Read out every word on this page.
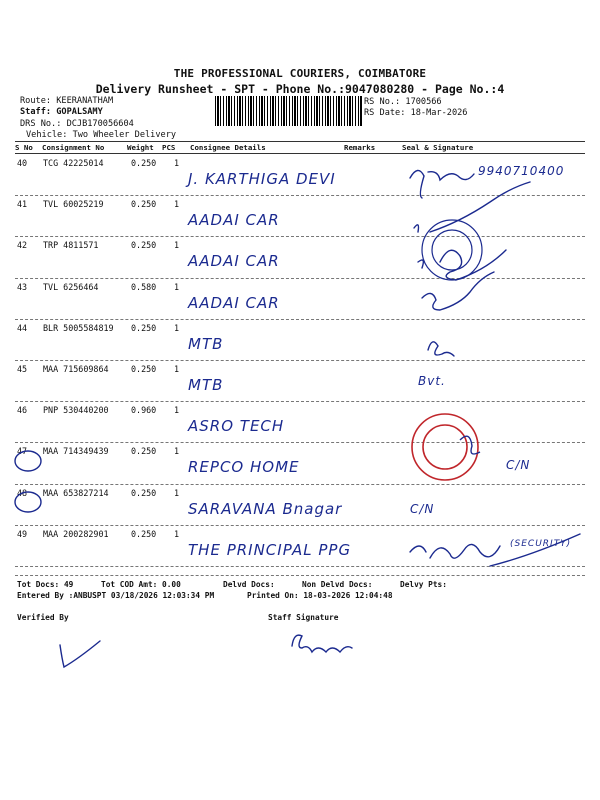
THE PROFESSIONAL COURIERS, COIMBATORE
Delivery Runsheet - SPT - Phone No.:9047080280 - Page No.:4
Route: KEERANATHAM
Staff: GOPALSAMY
DRS No.: DCJB170056604
Vehicle: Two Wheeler Delivery
RS No.: 1700566
RS Date: 18-Mar-2026
S No Consignment No	Weight PCS Consignee Details	Remarks	Seal & Signature
40 TCG 42225014	0.250 1
J. KARTHIGA DEVI	9940710400
41 TVL 60025219	0.250 1
AADAI CAR
42 TRP 4811571	0.250 1
AADAI CAR
43 TVL 6256464	0.580 1
AADAI CAR
44 BLR 5005584819 0.250 1
MTB
45 MAA 715609864	0.250 1
MTB	Bvt.
46 PNP 530440200	0.960 1
ASRO TECH
47 MAA 714349439	0.250 1
REPCO HOME	C/N
48 MAA 653827214	0.250 1
SARAVANA Bnagar	C/N
49 MAA 200282901	0.250 1
THE PRINCIPAL PPG	(SECURITY)
Tot Docs: 49	Tot COD Amt: 0.00	Delvd Docs:	Non Delvd Docs:	Delvy Pts:
Entered By :ANBUSPT 03/18/2026 12:03:34 PM	Printed On: 18-03-2026 12:04:48
Verified By	Staff Signature
